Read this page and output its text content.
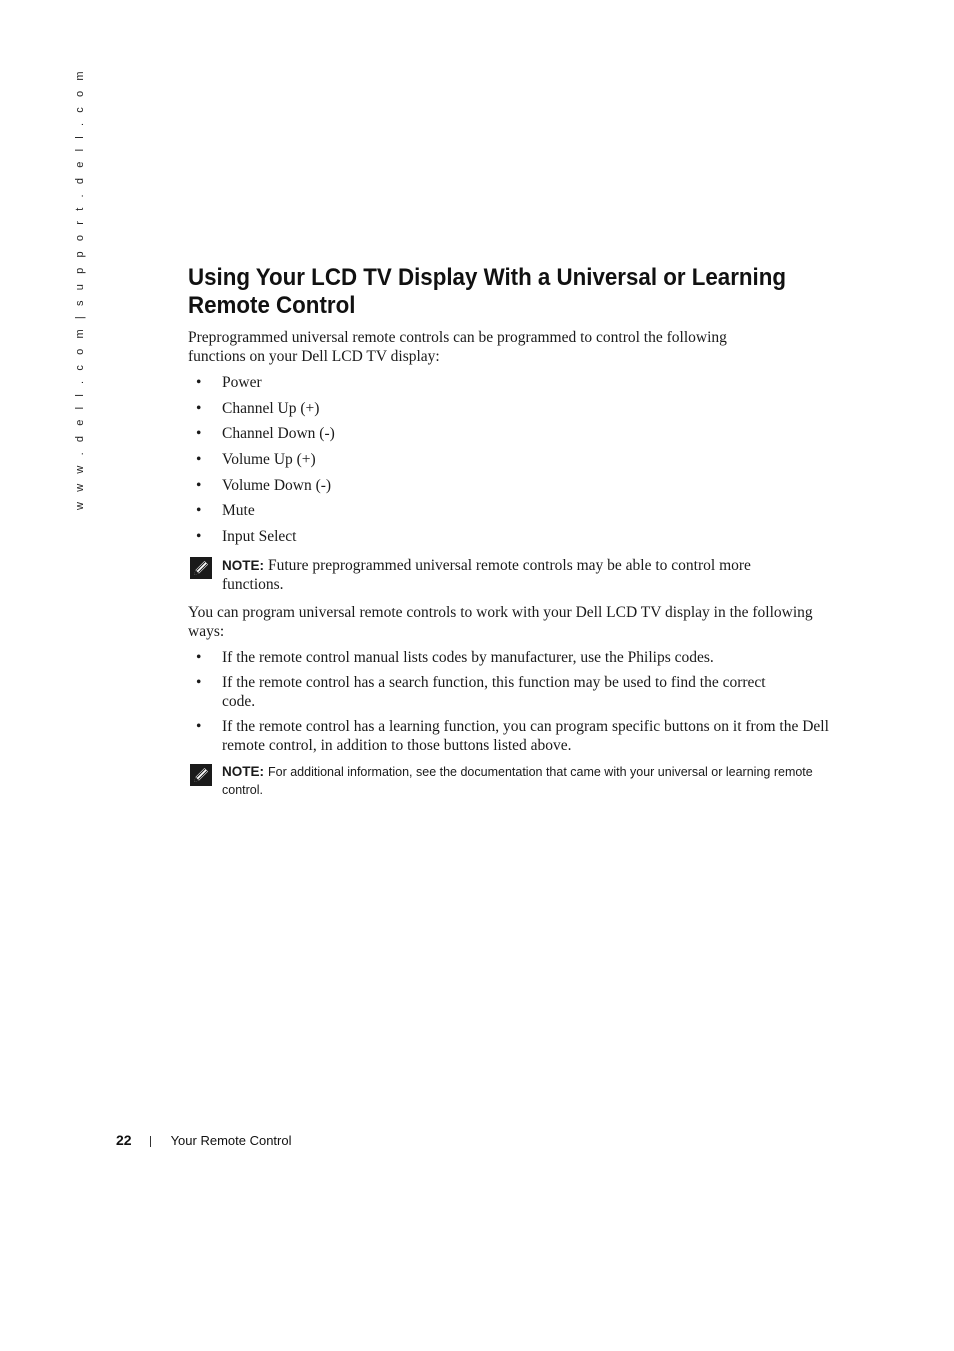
w w w . d e l l . c o m | s u p p o r t . d e l l . c o m	Using Your LCD TV Display With a Universal or Learning Remote Control

Preprogrammed universal remote controls can be programmed to control the following functions on your Dell LCD TV display:

• Power
• Channel Up (+)
• Channel Down (-)
• Volume Up (+)
• Volume Down (-)
• Mute
• Input Select
NOTE: Future preprogrammed universal remote controls may be able to control more functions.

You can program universal remote controls to work with your Dell LCD TV display in the following ways:

• If the remote control manual lists codes by manufacturer, use the Philips codes.
• If the remote control has a search function, this function may be used to find the correct code.
• If the remote control has a learning function, you can program specific buttons on it from the Dell remote control, in addition to those buttons listed above.
NOTE: For additional information, see the documentation that came with your universal or learning remote control.
22	Your Remote Control
